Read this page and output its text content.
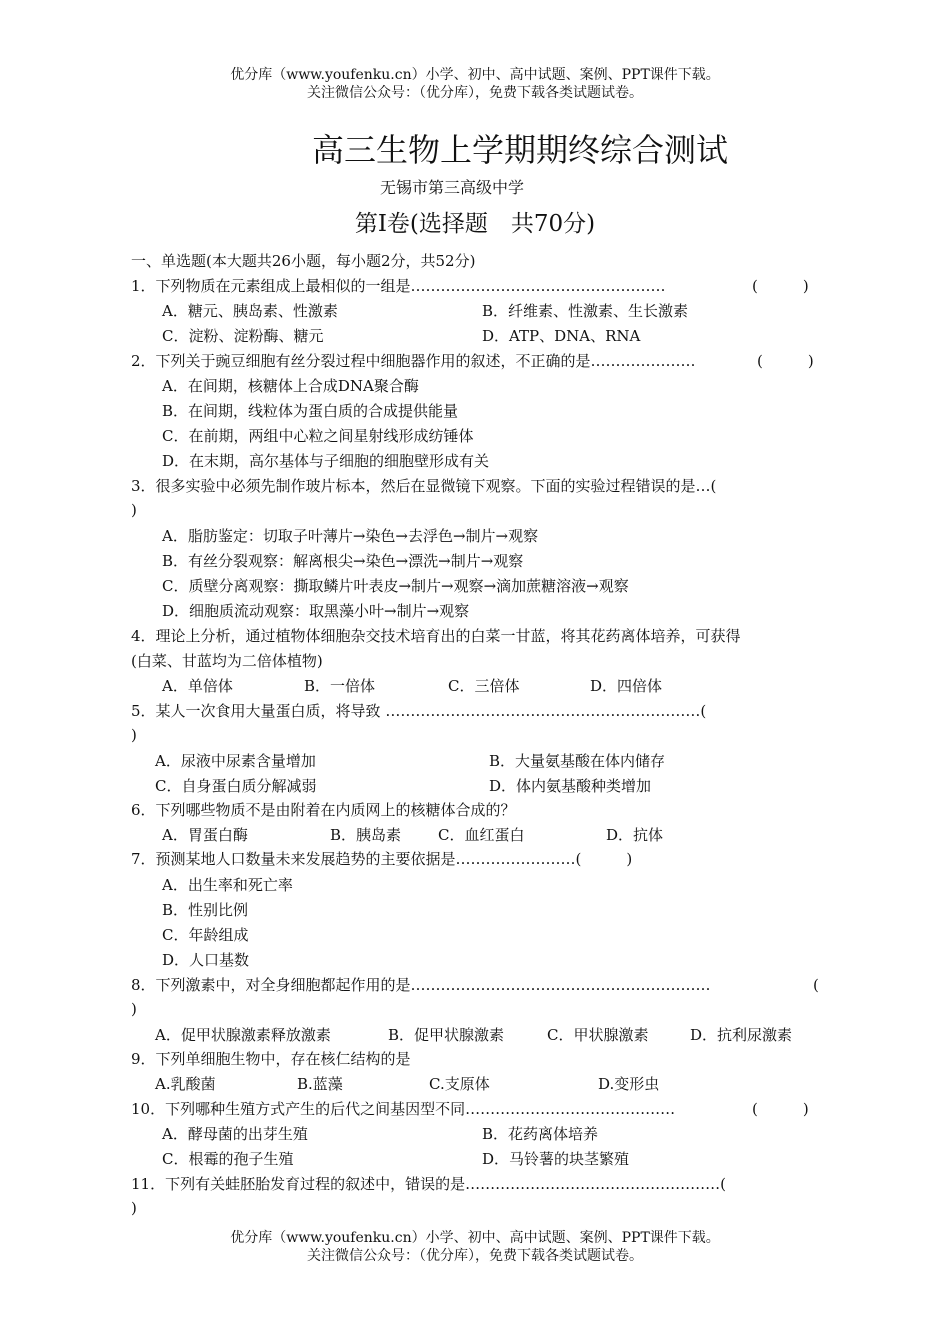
优分库（www.youfenku.cn）小学、初中、高中试题、案例、PPT课件下载。
关注微信公众号：（优分库），免费下载各类试题试卷。
高三生物上学期期终综合测试
无锡市第三高级中学
第Ⅰ卷(选择题　共70分)
一、单选题(本大题共26小题，每小题2分，共52分)
1．下列物质在元素组成上最相似的一组是……………………………………………	(　　　)
A．糖元、胰岛素、性激素	B．纤维素、性激素、生长激素
C．淀粉、淀粉酶、糖元	D．ATP、DNA、RNA
2．下列关于豌豆细胞有丝分裂过程中细胞器作用的叙述，不正确的是…………………	(　　　)
A．在间期，核糖体上合成DNA聚合酶
B．在间期，线粒体为蛋白质的合成提供能量
C．在前期，两组中心粒之间星射线形成纺锤体
D．在末期，高尔基体与子细胞的细胞壁形成有关
3．很多实验中必须先制作玻片标本，然后在显微镜下观察。下面的实验过程错误的是…(
)
A．脂肪鉴定：切取子叶薄片→染色→去浮色→制片→观察
B．有丝分裂观察：解离根尖→染色→漂洗→制片→观察
C．质壁分离观察：撕取鳞片叶表皮→制片→观察→滴加蔗糖溶液→观察
D．细胞质流动观察：取黑藻小叶→制片→观察
4．理论上分析，通过植物体细胞杂交技术培育出的白菜一甘蓝，将其花药离体培养，可获得
(白菜、甘蓝均为二倍体植物)
A．单倍体	B．一倍体	C．三倍体	D．四倍体
5．某人一次食用大量蛋白质，将导致 ………………………………………………………(
)
A．尿液中尿素含量增加	B．大量氨基酸在体内储存
C．自身蛋白质分解减弱	D．体内氨基酸种类增加
6．下列哪些物质不是由附着在内质网上的核糖体合成的？
A．胃蛋白酶	B．胰岛素 C．血红蛋白	D．抗体
7．预测某地人口数量未来发展趋势的主要依据是……………………(　　　)
A．出生率和死亡率
B．性别比例
C．年龄组成
D．人口基数
8．下列激素中，对全身细胞都起作用的是……………………………………………………	(
)
A．促甲状腺激素释放激素	B．促甲状腺激素	C．甲状腺激素	D．抗利尿激素
9．下列单细胞生物中，存在核仁结构的是
A.乳酸菌	B.蓝藻	C.支原体	D.变形虫
10．下列哪种生殖方式产生的后代之间基因型不同……………………………………	(　　　)
A．酵母菌的出芽生殖	B．花药离体培养
C．根霉的孢子生殖	D．马铃薯的块茎繁殖
11．下列有关蛙胚胎发育过程的叙述中，错误的是……………………………………………(
)
优分库（www.youfenku.cn）小学、初中、高中试题、案例、PPT课件下载。
关注微信公众号：（优分库），免费下载各类试题试卷。
